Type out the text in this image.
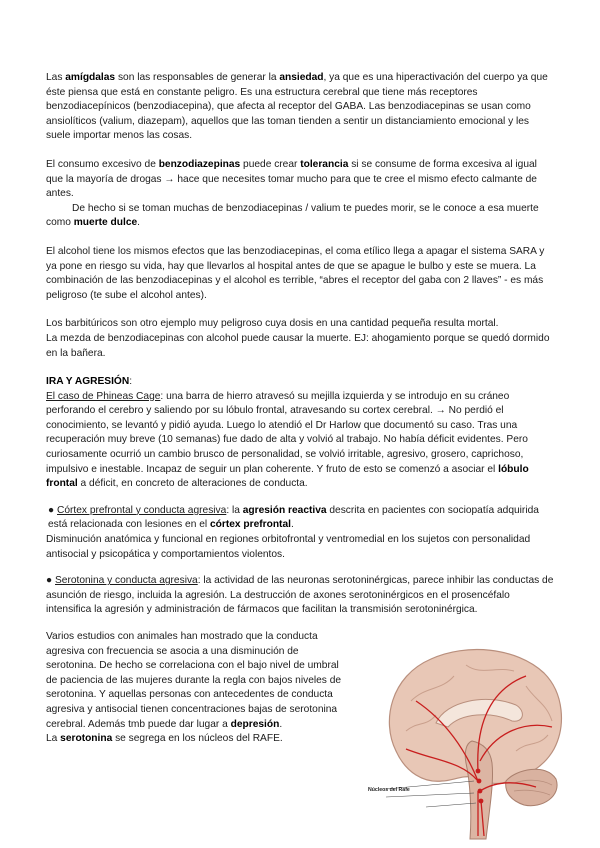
Las amígdalas son las responsables de generar la ansiedad, ya que es una hiperactivación del cuerpo ya que éste piensa que está en constante peligro. Es una estructura cerebral que tiene más receptores benzodiacepínicos (benzodiacepina), que afecta al receptor del GABA. Las benzodiacepinas se usan como ansiolíticos (valium, diazepam), aquellos que las toman tienden a sentir un distanciamiento emocional y les suele importar menos las cosas.

El consumo excesivo de benzodiazepinas puede crear tolerancia si se consume de forma excesiva al igual que la mayoría de drogas → hace que necesites tomar mucho para que te cree el mismo efecto calmante de antes.

De hecho si se toman muchas de benzodiacepinas / valium te puedes morir, se le conoce a esa muerte como muerte dulce.

El alcohol tiene los mismos efectos que las benzodiacepinas, el coma etílico llega a apagar el sistema SARA y ya pone en riesgo su vida, hay que llevarlos al hospital antes de que se apague le bulbo y este se muera. La combinación de las benzodiacepinas y el alcohol es terrible, “abres el receptor del gaba con 2 llaves” - es más peligroso (te sube el alcohol antes).

Los barbitúricos son otro ejemplo muy peligroso cuya dosis en una cantidad pequeña resulta mortal.

La mezda de benzodiacepinas con alcohol puede causar la muerte. EJ: ahogamiento porque se quedó dormido en la bañera.

IRA Y AGRESIÓN:

El caso de Phineas Cage: una barra de hierro atravesó su mejilla izquierda y se introdujo en su cráneo perforando el cerebro y saliendo por su lóbulo frontal, atravesando su cortex cerebral. → No perdió el conocimiento, se levantó y pidió ayuda. Luego lo atendió el Dr Harlow que documentó su caso. Tras una recuperación muy breve (10 semanas) fue dado de alta y volvió al trabajo. No había déficit evidentes. Pero curiosamente ocurrió un cambio brusco de personalidad, se volvió irritable, agresivo, grosero, caprichoso, impulsivo e inestable. Incapaz de seguir un plan coherente. Y fruto de esto se comenzó a asociar el lóbulo frontal a déficit, en concreto de alteraciones de conducta.

● Córtex prefrontal y conducta agresiva: la agresión reactiva descrita en pacientes con sociopatía adquirida está relacionada con lesiones en el córtex prefrontal.

Disminución anatómica y funcional en regiones orbitofrontal y ventromedial en los sujetos con personalidad antisocial y psicopática y comportamientos violentos.

● Serotonina y conducta agresiva: la actividad de las neuronas serotoninérgicas, parece inhibir las conductas de asunción de riesgo, incluida la agresión. La destrucción de axones serotoninérgicos en el prosencéfalo intensifica la agresión y administración de fármacos que facilitan la transmisión serotoninérgica.

Varios estudios con animales han mostrado que la conducta agresiva con frecuencia se asocia a una disminución de serotonina. De hecho se correlaciona con el bajo nivel de umbral de paciencia de las mujeres durante la regla con bajos niveles de serotonina. Y aquellas personas con antecedentes de conducta agresiva y antisocial tienen concentraciones bajas de serotonina cerebral. Además tmb puede dar lugar a depresión.

La serotonina se segrega en los núcleos del RAFE.

Núcleos del Rafe
